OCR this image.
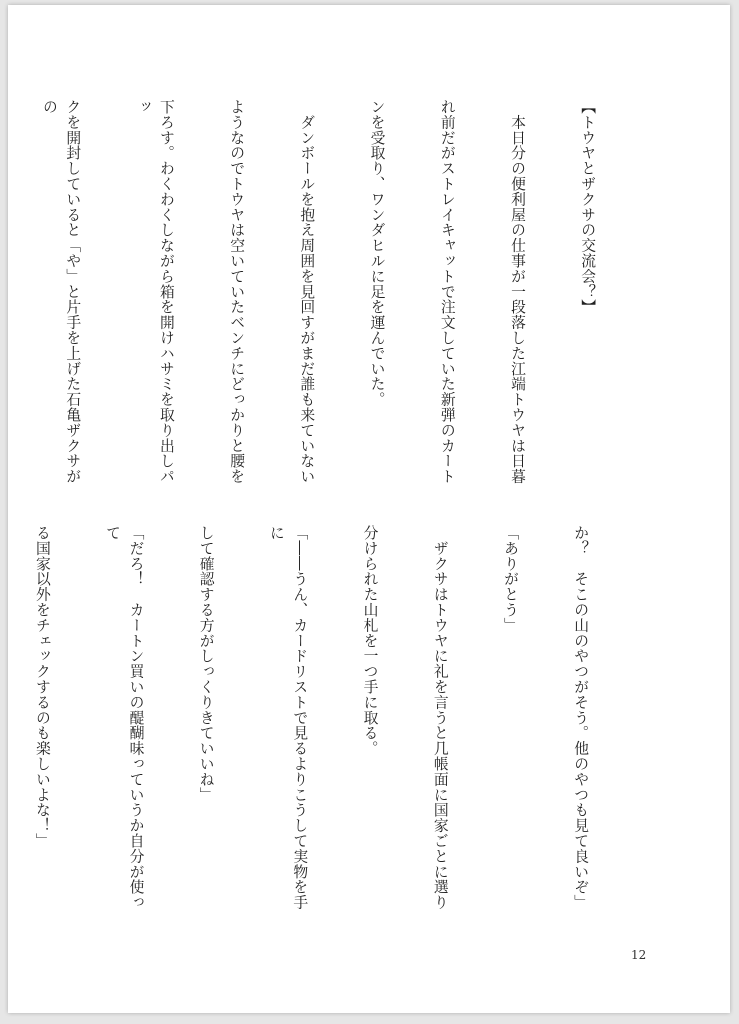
【トウヤとザクサの交流会？】

　本日分の便利屋の仕事が一段落した江端トウヤは日暮

れ前だがストレイキャットで注文していた新弾のカート

ンを受取り、ワンダヒルに足を運んでいた。

　ダンボールを抱え周囲を見回すがまだ誰も来ていない

ようなのでトウヤは空いていたベンチにどっかりと腰を

下ろす。わくわくしながら箱を開けハサミを取り出しパッ

クを開封していると「や」と片手を上げた石亀ザクサがの

か？　そこの山のやつがそう。他のやつも見て良いぞ」

「ありがとう」

　ザクサはトウヤに礼を言うと几帳面に国家ごとに選り

分けられた山札を一つ手に取る。

「――うん、カードリストで見るよりこうして実物を手に

して確認する方がしっくりきていいね」

「だろ！　カートン買いの醍醐味っていうか自分が使って

る国家以外をチェックするのも楽しいよな！」

12
